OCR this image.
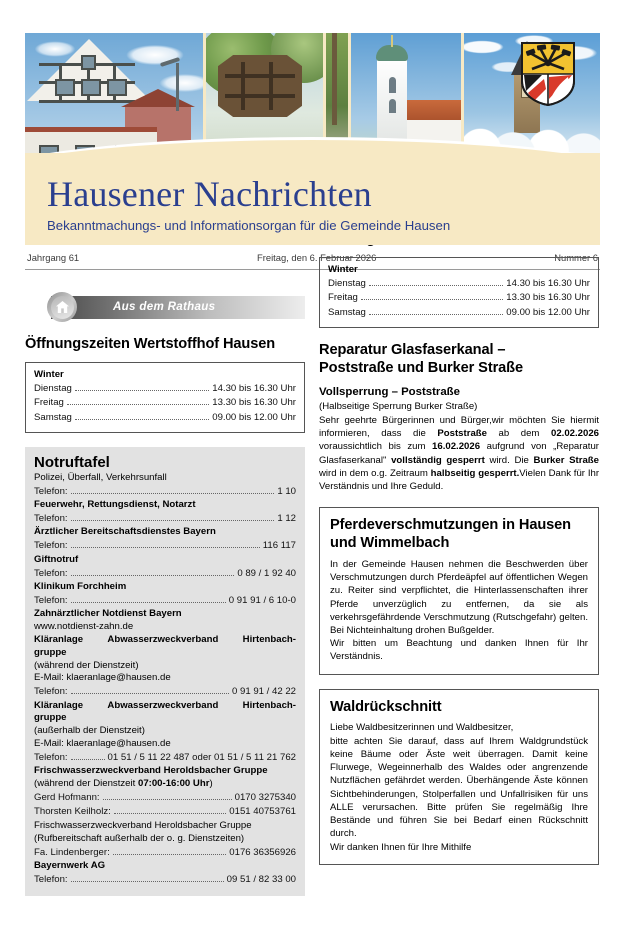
Hausener Nachrichten
Bekanntmachungs- und Informationsorgan für die Gemeinde Hausen
Jahrgang 61	Freitag, den 6. Februar 2026	Nummer 6
Aus dem Rathaus
Öffnungszeiten Wertstoffhof Hausen
Winter
Dienstag	14.30 bis 16.30 Uhr
Freitag	13.30 bis 16.30 Uhr
Samstag	09.00 bis 12.00 Uhr
Notruftafel
Polizei, Überfall, Verkehrsunfall
Telefon:	1 10
Feuerwehr, Rettungsdienst, Notarzt
Telefon:	1 12
Ärztlicher Bereitschaftsdienstes Bayern
Telefon:	116 117
Giftnotruf
Telefon:	0 89 / 1 92 40
Klinikum Forchheim
Telefon:	0 91 91 / 6 10-0
Zahnärztlicher Notdienst Bayern
www.notdienst-zahn.de
Kläranlage	Abwasserzweckverband	Hirtenbach-
gruppe
(während der Dienstzeit)
E-Mail: klaeranlage@hausen.de
Telefon:	0 91 91 / 42 22
Kläranlage	Abwasserzweckverband	Hirtenbach-
gruppe
(außerhalb der Dienstzeit)
E-Mail: klaeranlage@hausen.de
Telefon:	01 51 / 5 11 22 487 oder 01 51 / 5 11 21 762
Frischwasserzweckverband Heroldsbacher Gruppe
(während der Dienstzeit 07:00-16:00 Uhr)
Gerd Hofmann:	0170 3275340
Thorsten Keilholz:	0151 40753761
Frischwasserzweckverband Heroldsbacher Gruppe
(Rufbereitschaft außerhalb der o. g. Dienstzeiten)
Fa. Lindenberger:	0176 36356926
Bayernwerk AG
Telefon:	09 51 / 82 33 00
Winter
Dienstag	14.30 bis 16.30 Uhr
Freitag	13.30 bis 16.30 Uhr
Samstag	09.00 bis 12.00 Uhr
Reparatur Glasfaserkanal –
Poststraße und Burker Straße
Vollsperrung – Poststraße

(Halbseitige Sperrung Burker Straße)

Sehr geehrte Bürgerinnen und Bürger,wir möchten Sie hiermit informieren, dass die Poststraße ab dem 02.02.2026 voraussichtlich bis zum 16.02.2026 aufgrund von „Reparatur Glasfaserkanal" vollständig gesperrt wird. Die Burker Straße wird in dem o.g. Zeitraum halbseitig gesperrt.Vielen Dank für Ihr Verständnis und Ihre Geduld.

Pferdeverschmutzungen in Hausen
und Wimmelbach

In der Gemeinde Hausen nehmen die Beschwerden über Verschmutzungen durch Pferdeäpfel auf öffentlichen Wegen zu. Reiter sind verpflichtet, die Hinterlassenschaften ihrer Pferde unverzüglich zu entfernen, da sie als verkehrsgefährdende Verschmutzung (Rutschgefahr) gelten. Bei Nichteinhaltung drohen Bußgelder.

Wir bitten um Beachtung und danken Ihnen für Ihr Verständnis.

Waldrückschnitt

Liebe Waldbesitzerinnen und Waldbesitzer,

bitte achten Sie darauf, dass auf Ihrem Waldgrundstück keine Bäume oder Äste weit überragen. Damit keine Flurwege, Wegeinnerhalb des Waldes oder angrenzende Nutzflächen gefährdet werden. Überhängende Äste können Sichtbehinderungen, Stolperfallen und Unfallrisiken für uns ALLE verursachen. Bitte prüfen Sie regelmäßig Ihre Bestände und führen Sie bei Bedarf einen Rückschnitt durch.

Wir danken Ihnen für Ihre Mithilfe
